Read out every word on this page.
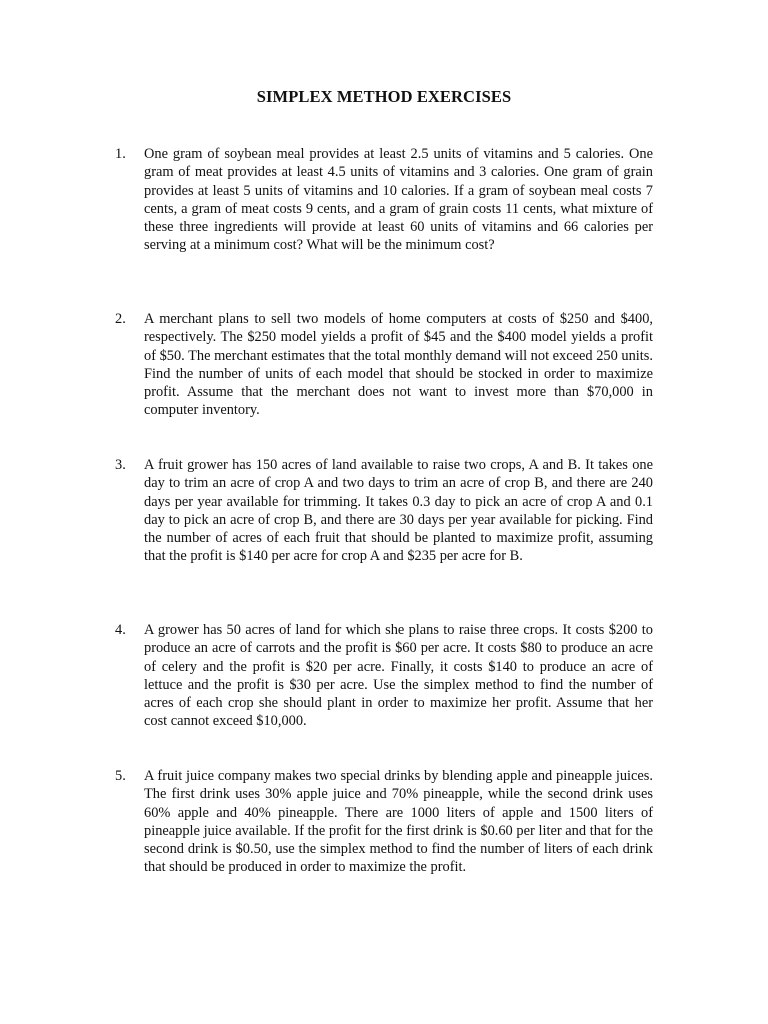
SIMPLEX METHOD EXERCISES
1.	One gram of soybean meal provides at least 2.5 units of vitamins and 5 calories. One gram of meat provides at least 4.5 units of vitamins and 3 calories. One gram of grain provides at least 5 units of vitamins and 10 calories. If a gram of soybean meal costs 7 cents, a gram of meat costs 9 cents, and a gram of grain costs 11 cents, what mixture of these three ingredients will provide at least 60 units of vitamins and 66 calories per serving at a minimum cost? What will be the minimum cost?

2.	A merchant plans to sell two models of home computers at costs of $250 and $400, respectively. The $250 model yields a profit of $45 and the $400 model yields a profit of $50. The merchant estimates that the total monthly demand will not exceed 250 units. Find the number of units of each model that should be stocked in order to maximize profit. Assume that the merchant does not want to invest more than $70,000 in computer inventory.

3.	A fruit grower has 150 acres of land available to raise two crops, A and B. It takes one day to trim an acre of crop A and two days to trim an acre of crop B, and there are 240 days per year available for trimming. It takes 0.3 day to pick an acre of crop A and 0.1 day to pick an acre of crop B, and there are 30 days per year available for picking. Find the number of acres of each fruit that should be planted to maximize profit, assuming that the profit is $140 per acre for crop A and $235 per acre for B.

4.	A grower has 50 acres of land for which she plans to raise three crops. It costs $200 to produce an acre of carrots and the profit is $60 per acre. It costs $80 to produce an acre of celery and the profit is $20 per acre. Finally, it costs $140 to produce an acre of lettuce and the profit is $30 per acre. Use the simplex method to find the number of acres of each crop she should plant in order to maximize her profit. Assume that her cost cannot exceed $10,000.

5.	A fruit juice company makes two special drinks by blending apple and pineapple juices. The first drink uses 30% apple juice and 70% pineapple, while the second drink uses 60% apple and 40% pineapple. There are 1000 liters of apple and 1500 liters of pineapple juice available. If the profit for the first drink is $0.60 per liter and that for the second drink is $0.50, use the simplex method to find the number of liters of each drink that should be produced in order to maximize the profit.
